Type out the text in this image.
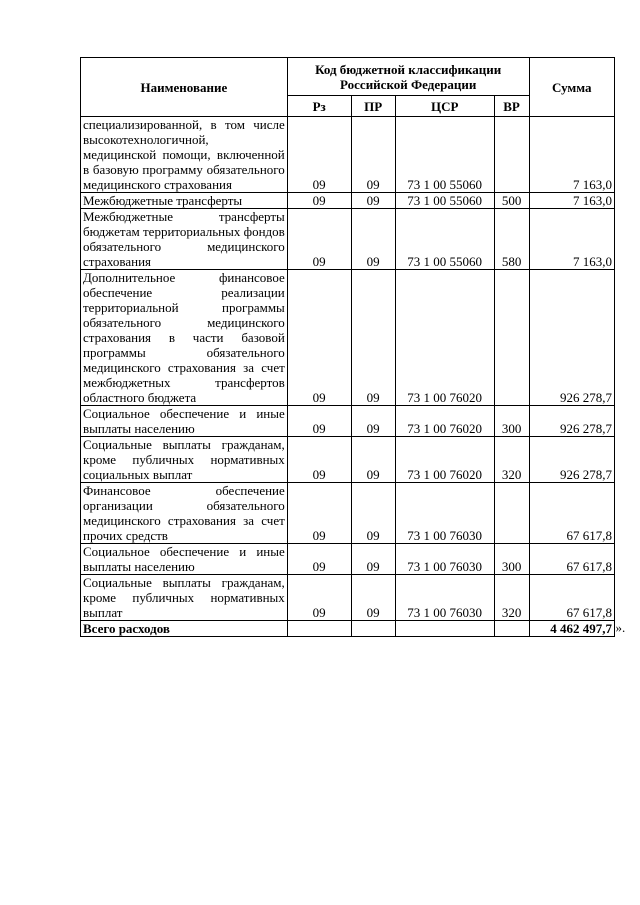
Наименование	Код бюджетной классификации Российской Федерации				Сумма
	Рз	ПР	ЦСР	ВР	
специализированной, в том числе высокотехнологичной, медицинской помощи, включенной в базовую программу обязательного медицинского страхования	09	09	73 1 00 55060		7 163,0
Межбюджетные трансферты	09	09	73 1 00 55060	500	7 163,0
Межбюджетные трансферты бюджетам территориальных фондов обязательного медицинского страхования	09	09	73 1 00 55060	580	7 163,0
Дополнительное финансовое обеспечение реализации территориальной программы обязательного медицинского страхования в части базовой программы обязательного медицинского страхования за счет межбюджетных трансфертов областного бюджета	09	09	73 1 00 76020		926 278,7
Социальное обеспечение и иные выплаты населению	09	09	73 1 00 76020	300	926 278,7
Социальные выплаты гражданам, кроме публичных нормативных социальных выплат	09	09	73 1 00 76020	320	926 278,7
Финансовое обеспечение организации обязательного медицинского страхования за счет прочих средств	09	09	73 1 00 76030		67 617,8
Социальное обеспечение и иные выплаты населению	09	09	73 1 00 76030	300	67 617,8
Социальные выплаты гражданам, кроме публичных нормативных выплат	09	09	73 1 00 76030	320	67 617,8
Всего расходов					4 462 497,7 ».
